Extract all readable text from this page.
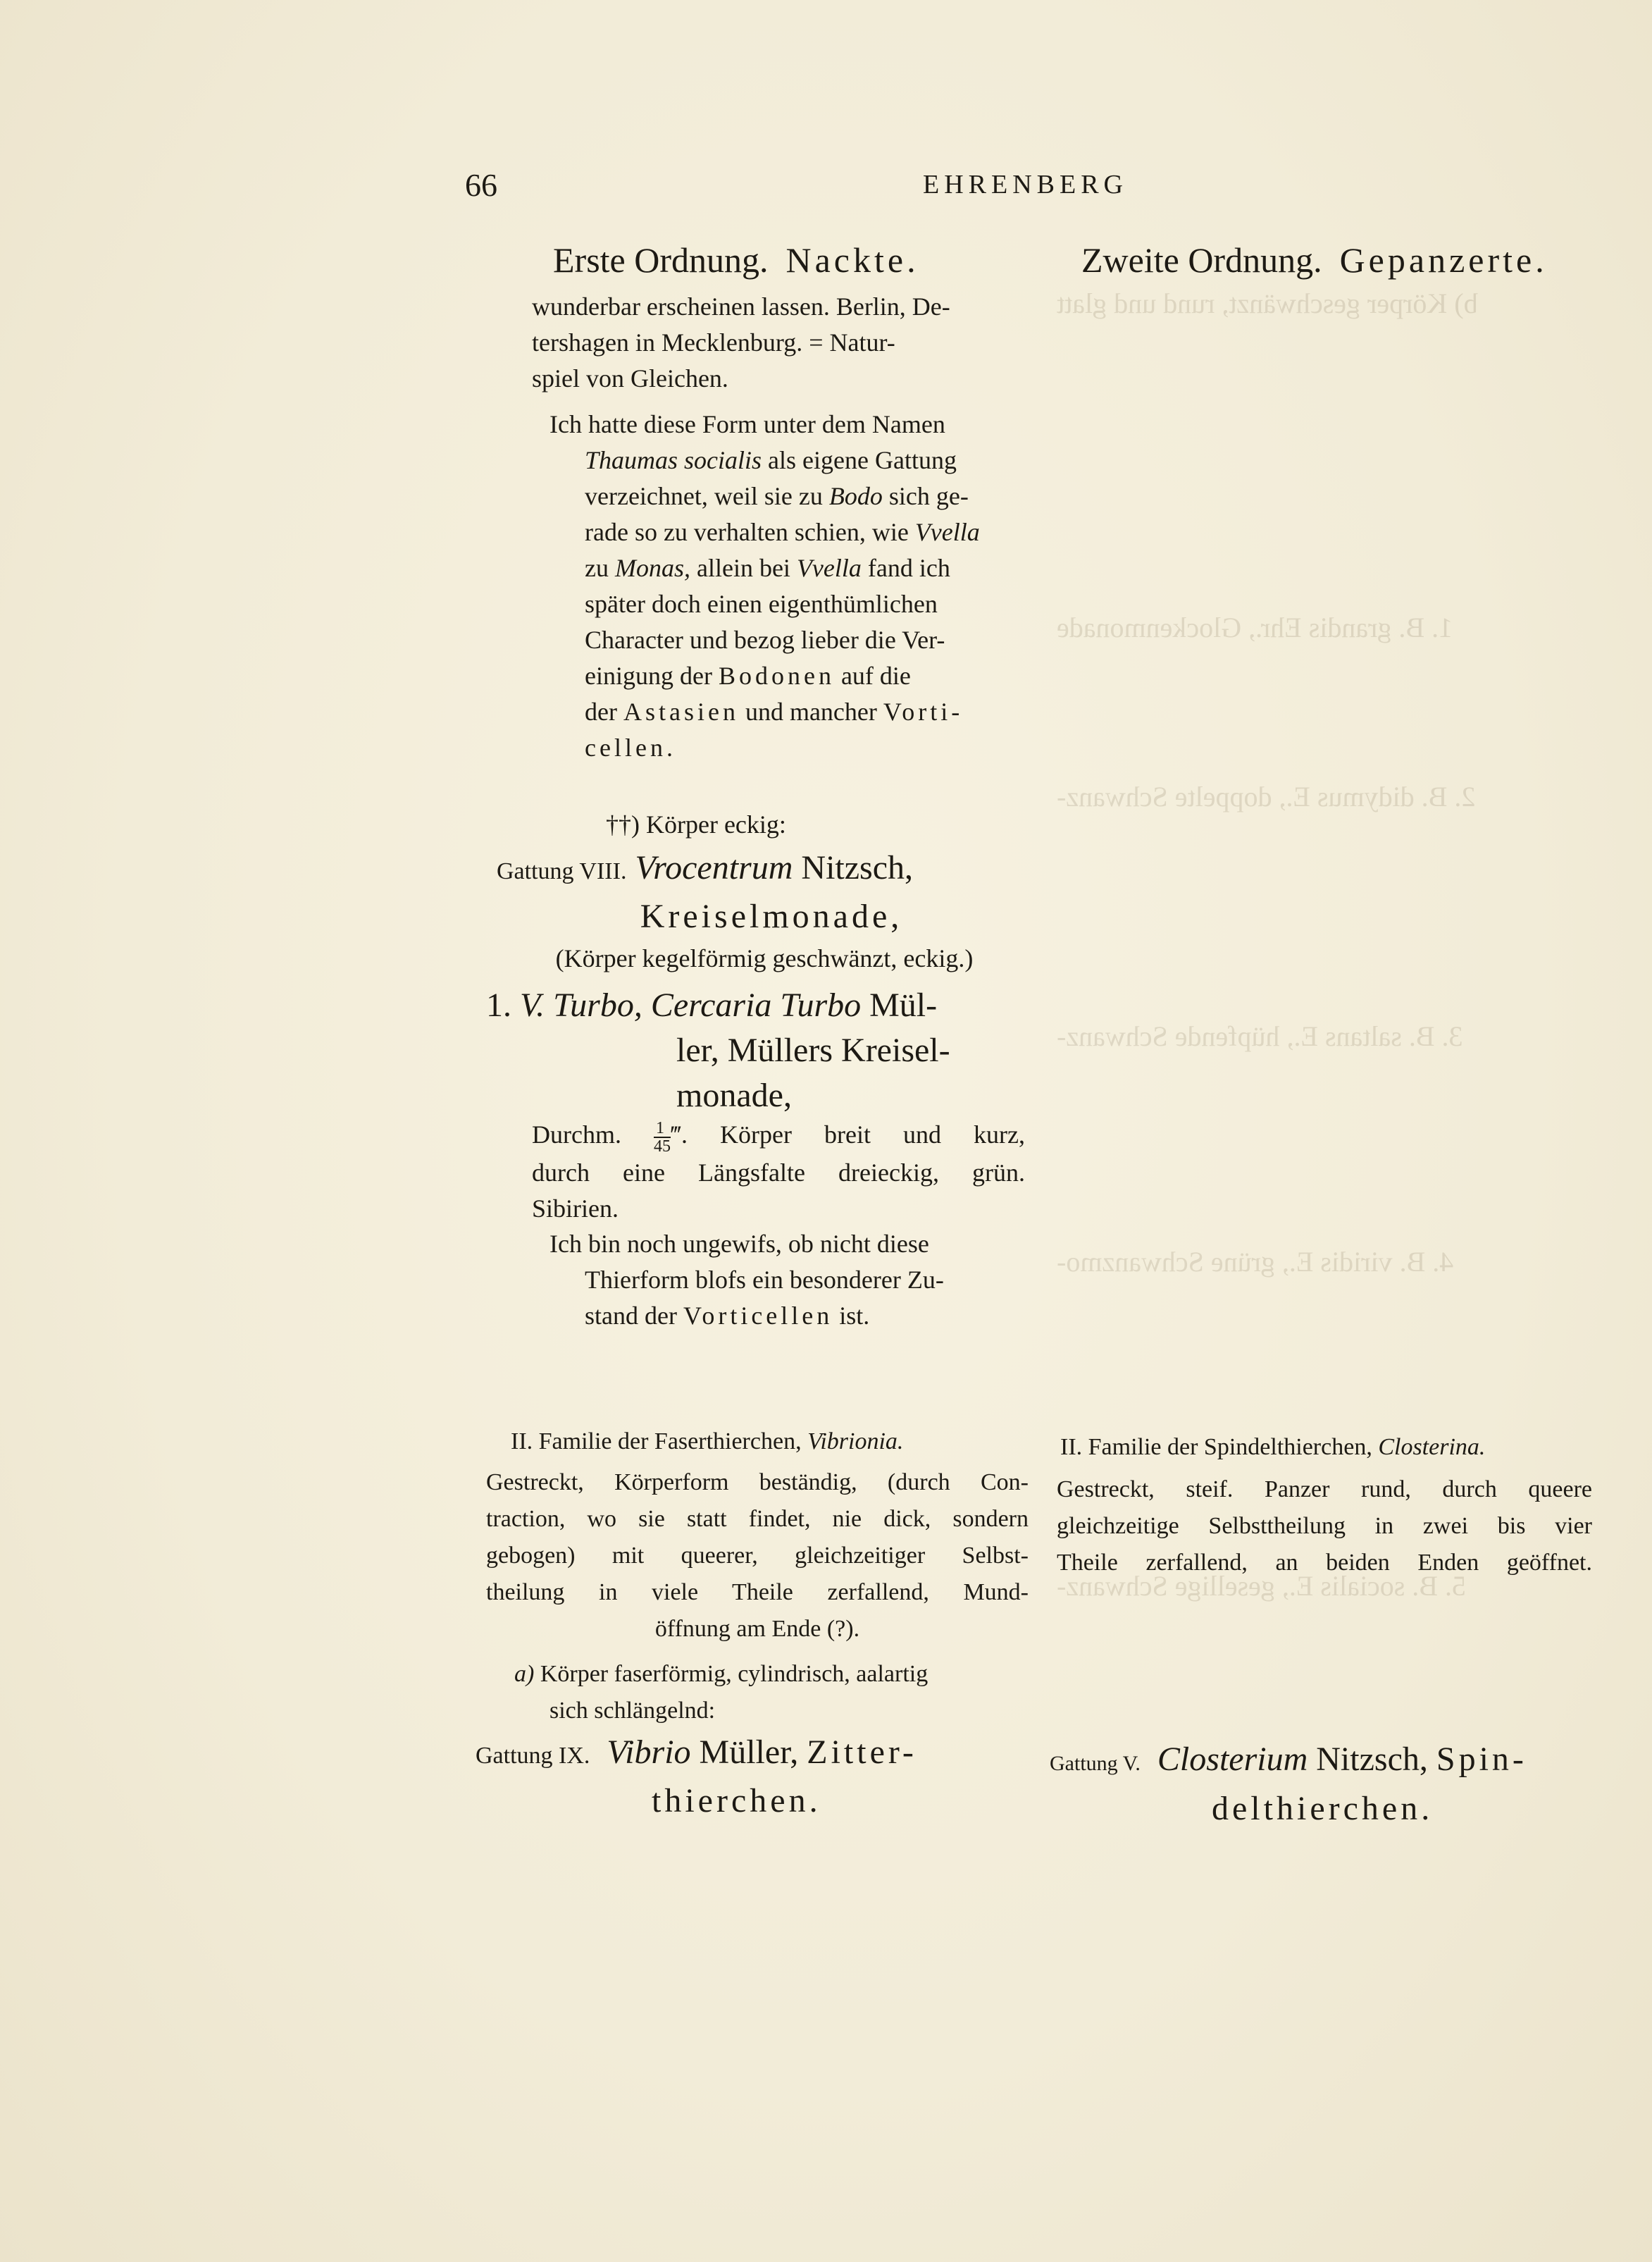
b) Körper geschwänzt, rund und glatt
1. B. grandis Ehr., Glockenmonade
2. B. didymus E., doppelte Schwanz-
3. B. saltans E., hüpfende Schwanz-
4. B. viridis E., grüne Schwanzmo-
5. B. socialis E., gesellige Schwanz-
66	EHRENBERG
Erste Ordnung. Nackte.
wunderbar erscheinen lassen. Berlin, De-
tershagen in Mecklenburg. = Natur-
spiel von Gleichen.
Ich hatte diese Form unter dem Namen
Thaumas socialis als eigene Gattung
verzeichnet, weil sie zu Bodo sich ge-
rade so zu verhalten schien, wie Vvella
zu Monas, allein bei Vvella fand ich
später doch einen eigenthümlichen
Character und bezog lieber die Ver-
einigung der Bodonen auf die
der Astasien und mancher Vorti-
cellen.
††) Körper eckig:
Gattung VIII. Vrocentrum Nitzsch,
Kreiselmonade,
(Körper kegelförmig geschwänzt, eckig.)
1. V. Turbo, Cercaria Turbo Mül-
ler, Müllers Kreisel-
monade,
Durchm. $\frac{1}{45}$ ‴. Körper breit und kurz,
durch eine Längsfalte dreieckig, grün.
Sibirien.
Ich bin noch ungewifs, ob nicht diese
Thierform blofs ein besonderer Zu-
stand der Vorticellen ist.
II. Familie der Faserthierchen, Vibrionia.
Gestreckt, Körperform beständig, (durch Con-
traction, wo sie statt findet, nie dick, sondern
gebogen) mit queerer, gleichzeitiger Selbst-
theilung in viele Theile zerfallend, Mund-
öffnung am Ende (?).
a) Körper faserförmig, cylindrisch, aalartig
sich schlängelnd:
Gattung IX. Vibrio Müller, Zitter-
thierchen.
Zweite Ordnung. Gepanzerte.
II. Familie der Spindelthierchen, Closterina.
Gestreckt, steif. Panzer rund, durch queere
gleichzeitige Selbsttheilung in zwei bis vier
Theile zerfallend, an beiden Enden geöffnet.
Gattung V. Closterium Nitzsch, Spin-
delthierchen.
